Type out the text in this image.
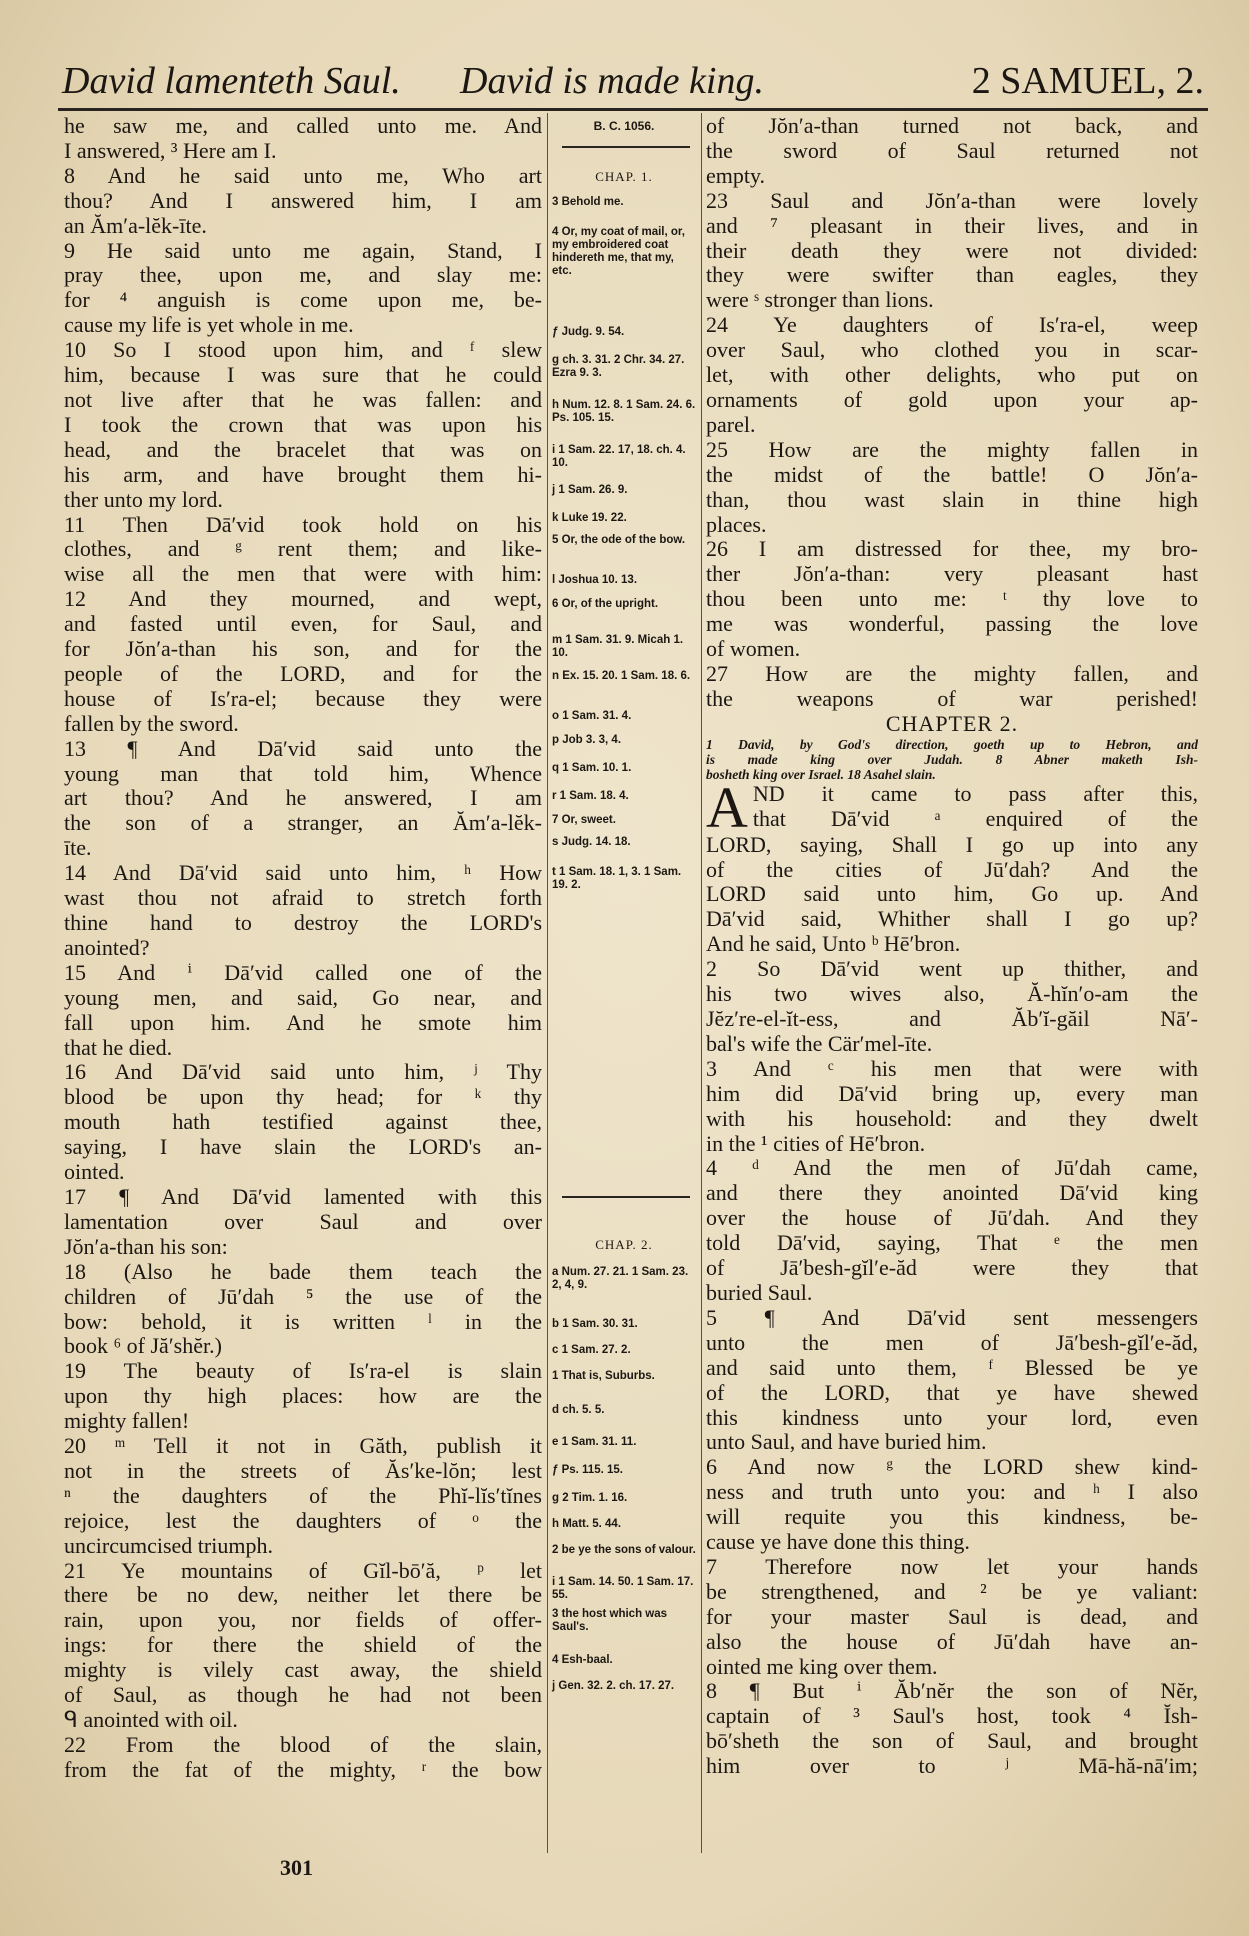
David lamenteth Saul. David is made king.	2 SAMUEL, 2.

he saw me, and called unto me. And

I answered, ³ Here am I.

8 And he said unto me, Who art

thou? And I answered him, I am

an Ăm′a-lĕk-īte.

9 He said unto me again, Stand, I

pray thee, upon me, and slay me:

for ⁴ anguish is come upon me, be-

cause my life is yet whole in me.

10 So I stood upon him, and ᶠ slew

him, because I was sure that he could

not live after that he was fallen: and

I took the crown that was upon his

head, and the bracelet that was on

his arm, and have brought them hi-

ther unto my lord.

11 Then Dā′vid took hold on his

clothes, and ᵍ rent them; and like-

wise all the men that were with him:

12 And they mourned, and wept,

and fasted until even, for Saul, and

for Jŏn′a-than his son, and for the

people of the LORD, and for the

house of Is′ra-el; because they were

fallen by the sword.

13 ¶ And Dā′vid said unto the

young man that told him, Whence

art thou? And he answered, I am

the son of a stranger, an Ăm′a-lĕk-

īte.

14 And Dā′vid said unto him, ʰ How

wast thou not afraid to stretch forth

thine hand to destroy the LORD's

anointed?

15 And ⁱ Dā′vid called one of the

young men, and said, Go near, and

fall upon him. And he smote him

that he died.

16 And Dā′vid said unto him, ʲ Thy

blood be upon thy head; for ᵏ thy

mouth hath testified against thee,

saying, I have slain the LORD's an-

ointed.

17 ¶ And Dā′vid lamented with this

lamentation over Saul and over

Jŏn′a-than his son:

18 (Also he bade them teach the

children of Jū′dah ⁵ the use of the

bow: behold, it is written ˡ in the

book ⁶ of Jă′shĕr.)

19 The beauty of Is′ra-el is slain

upon thy high places: how are the

mighty fallen!

20 ᵐ Tell it not in Găth, publish it

not in the streets of Ăs′ke-lŏn; lest

ⁿ the daughters of the Phĭ-lĭs′tĭnes

rejoice, lest the daughters of ᵒ the

uncircumcised triumph.

21 Ye mountains of Gĭl-bō′ă, ᵖ let

there be no dew, neither let there be

rain, upon you, nor fields of offer-

ings: for there the shield of the

mighty is vilely cast away, the shield

of Saul, as though he had not been

ᑫ anointed with oil.

22 From the blood of the slain,

from the fat of the mighty, ʳ the bow

B. C. 1056.
CHAP. 1.
CHAP. 2.
3 Behold me.
4 Or, my coat of mail, or, my embroidered coat hindereth me, that my, etc.
ƒ Judg. 9. 54.
g ch. 3. 31. 2 Chr. 34. 27. Ezra 9. 3.
h Num. 12. 8. 1 Sam. 24. 6. Ps. 105. 15.
i 1 Sam. 22. 17, 18. ch. 4. 10.
j 1 Sam. 26. 9.
k Luke 19. 22.
5 Or, the ode of the bow.
l Joshua 10. 13.
6 Or, of the upright.
m 1 Sam. 31. 9. Micah 1. 10.
n Ex. 15. 20. 1 Sam. 18. 6.
o 1 Sam. 31. 4.
p Job 3. 3, 4.
q 1 Sam. 10. 1.
r 1 Sam. 18. 4.
7 Or, sweet.
s Judg. 14. 18.
t 1 Sam. 18. 1, 3. 1 Sam. 19. 2.
a Num. 27. 21. 1 Sam. 23. 2, 4, 9.
b 1 Sam. 30. 31.
c 1 Sam. 27. 2.
1 That is, Suburbs.
d ch. 5. 5.
e 1 Sam. 31. 11.
ƒ Ps. 115. 15.
g 2 Tim. 1. 16.
h Matt. 5. 44.
2 be ye the sons of valour.
i 1 Sam. 14. 50. 1 Sam. 17. 55.
3 the host which was Saul's.
4 Esh-baal.
j Gen. 32. 2. ch. 17. 27.

of Jŏn′a-than turned not back, and

the sword of Saul returned not

empty.

23 Saul and Jŏn′a-than were lovely

and ⁷ pleasant in their lives, and in

their death they were not divided:

they were swifter than eagles, they

were ˢ stronger than lions.

24 Ye daughters of Is′ra-el, weep

over Saul, who clothed you in scar-

let, with other delights, who put on

ornaments of gold upon your ap-

parel.

25 How are the mighty fallen in

the midst of the battle! O Jŏn′a-

than, thou wast slain in thine high

places.

26 I am distressed for thee, my bro-

ther Jŏn′a-than: very pleasant hast

thou been unto me: ᵗ thy love to

me was wonderful, passing the love

of women.

27 How are the mighty fallen, and

the weapons of war perished!

CHAPTER 2.

1 David, by God's direction, goeth up to Hebron, and

is made king over Judah. 8 Abner maketh Ish-

bosheth king over Israel. 18 Asahel slain.

A ND it came to pass after this,

that Dā′vid ᵃ enquired of the

LORD, saying, Shall I go up into any

of the cities of Jū′dah? And the

LORD said unto him, Go up. And

Dā′vid said, Whither shall I go up?

And he said, Unto ᵇ Hē′bron.

2 So Dā′vid went up thither, and

his two wives also, Ă-hĭn′o-am the

Jĕz′re-el-ĭt-ess, and Ăb′ĭ-găil Nā′-

bal's wife the Cär′mel-īte.

3 And ᶜ his men that were with

him did Dā′vid bring up, every man

with his household: and they dwelt

in the ¹ cities of Hē′bron.

4 ᵈ And the men of Jū′dah came,

and there they anointed Dā′vid king

over the house of Jū′dah. And they

told Dā′vid, saying, That ᵉ the men

of Jā′besh-gĭl′e-ăd were they that

buried Saul.

5 ¶ And Dā′vid sent messengers

unto the men of Jā′besh-gĭl′e-ăd,

and said unto them, ᶠ Blessed be ye

of the LORD, that ye have shewed

this kindness unto your lord, even

unto Saul, and have buried him.

6 And now ᵍ the LORD shew kind-

ness and truth unto you: and ʰ I also

will requite you this kindness, be-

cause ye have done this thing.

7 Therefore now let your hands

be strengthened, and ² be ye valiant:

for your master Saul is dead, and

also the house of Jū′dah have an-

ointed me king over them.

8 ¶ But ⁱ Ăb′nĕr the son of Nĕr,

captain of ³ Saul's host, took ⁴ Ĭsh-

bō′sheth the son of Saul, and brought

him over to ʲ Mā-hă-nā′im;

301
